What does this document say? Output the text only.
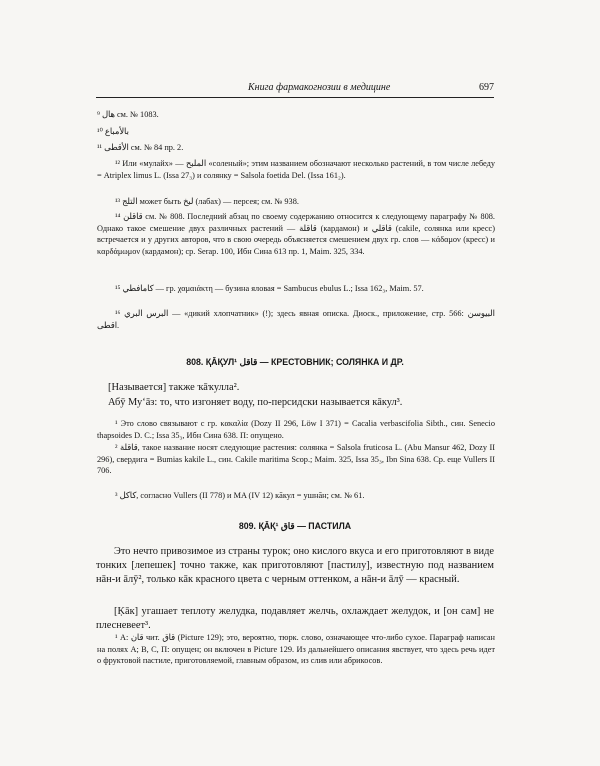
Книга фармакогнозии в медицине	697
⁹ هال см. № 1083.
¹⁰ بالأمباع
¹¹ الأقطى см. № 84 пр. 2.
¹² Или «мулайх» — الملبح «соленый»; этим названием обозначают несколько растений, в том числе лебеду = Atriplex limus L. (Issa 27₃) и солянку = Salsola foetida Del. (Issa 161₂).
¹³ التلج может быть لبخ (лабах) — персея; см. № 938.
¹⁴ قاقلن см. № 808. Последний абзац по своему содержанию относится к следующему параграфу № 808. Однако такое смешение двух различных растений — قاقلة (кардамон) и قاقلي (cakile, солянка или кресс) встречается и у других авторов, что в свою очередь объясняется смешением двух гр. слов — κάδαμον (кресс) и καρδάμωμον (кардамон); ср. Serap. 100, Ибн Сина 613 пр. 1, Maim. 325, 334.
¹⁵ كامافطي — гр. χαμαιάκτη — бузина яловая = Sambucus ebulus L.; Issa 162₃, Maim. 57.
¹⁶ البرس البري — «дикий хлопчатник» (!); здесь явная описка. Диоск., приложение, стр. 566: البيوسن اقطى.
808. ҚĀҚУЛ¹ قاقل — КРЕСТОВНИК; СОЛЯНКА И ДР.
[Называется] также ҡāҡулла².
Абӯ Му‘āз: то, что изгоняет воду, по-персидски называется кāкул³.
¹ Это слово связывают с гр. κακαλία (Dozy II 296, Löw I 371) = Cacalia verbascifolia Sibth., син. Senecio thapsoides D. C.; Issa 35₃, Ибн Сина 638. П: опущено.
² قاقلة, такое название носят следующие растения: солянка = Salsola fruticosa L. (Abu Mansur 462, Dozy II 296), свердига = Bumias kakile L., син. Cakile maritima Scop.; Maim. 325, Issa 35₃, Ibn Sina 638. Ср. еще Vullers II 706.
³ كاكل, согласно Vullers (II 778) и MA (IV 12) кāкул = ушнāн; см. № 61.
809. ҚĀҚ¹ قاق — ПАСТИЛА
Это нечто привозимое из страны турок; оно кислого вкуса и его приготовляют в виде тонких [лепешек] точно также, как приготовляют [пастилу], известную под названием нāн-и āлӯ², только кāк красного цвета с черным оттенком, а нāн-и āлӯ — красный.
[Ḳāк] угашает теплоту желудка, подавляет желчь, охлаждает желудок, и [он сам] не плесневеет³.
¹ А: قان чит. قاق (Picture 129); это, вероятно, тюрк. слово, означающее что-либо сухое. Параграф написан на полях А; В, С, П: опущен; он включен в Picture 129. Из дальнейшего описания явствует, что здесь речь идет о фруктовой пастиле, приготовляемой, главным образом, из слив или абрикосов.
